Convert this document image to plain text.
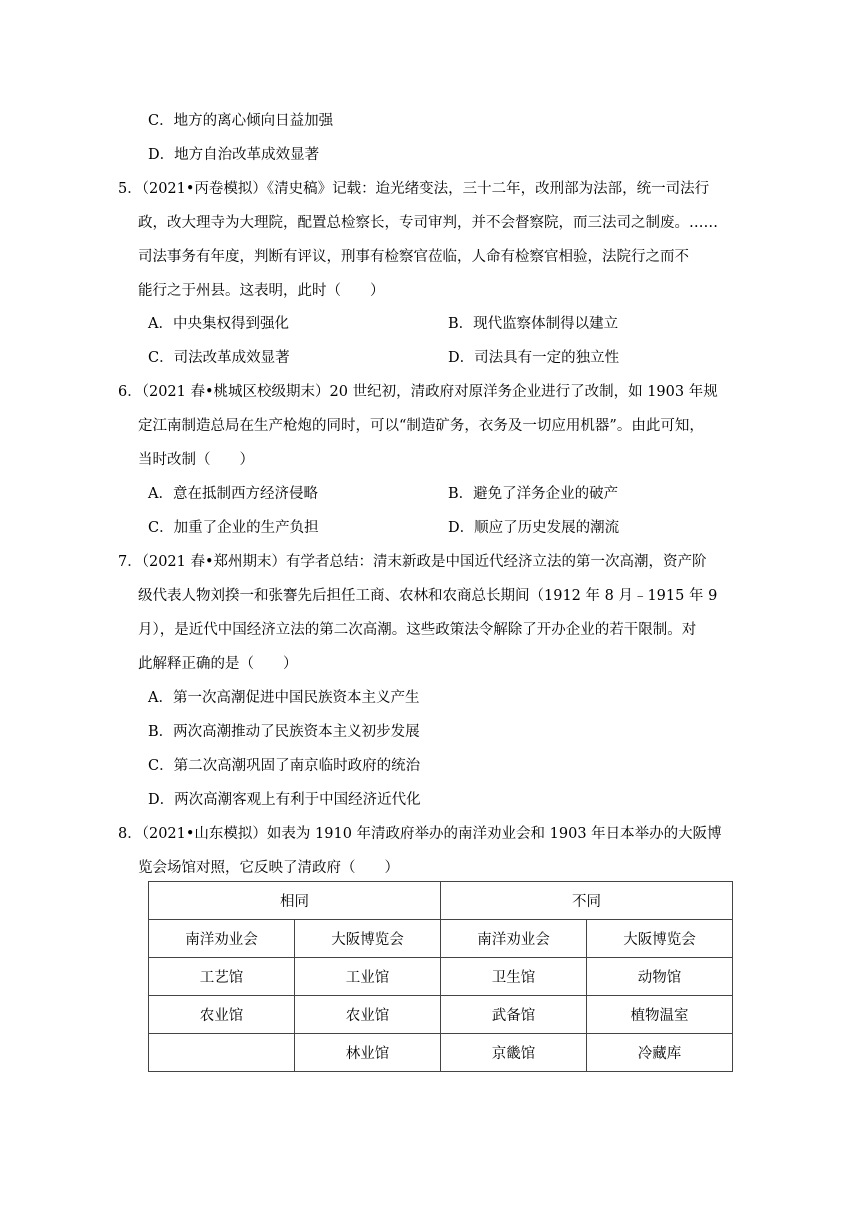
C．地方的离心倾向日益加强
D．地方自治改革成效显著
5．（2021•丙卷模拟）《清史稿》记载：迨光绪变法，三十二年，改刑部为法部，统一司法行
政，改大理寺为大理院，配置总检察长，专司审判，并不会督察院，而三法司之制废。……
司法事务有年度，判断有评议，刑事有检察官莅临，人命有检察官相验，法院行之而不
能行之于州县。这表明，此时（　　）
A．中央集权得到强化	B．现代监察体制得以建立
C．司法改革成效显著	D．司法具有一定的独立性
6．（2021 春•桃城区校级期末）20 世纪初，清政府对原洋务企业进行了改制，如 1903 年规
定江南制造总局在生产枪炮的同时，可以“制造矿务，衣务及一切应用机器”。由此可知，
当时改制（　　）
A．意在抵制西方经济侵略	B．避免了洋务企业的破产
C．加重了企业的生产负担	D．顺应了历史发展的潮流
7．（2021 春•郑州期末）有学者总结：清末新政是中国近代经济立法的第一次高潮，资产阶
级代表人物刘揆一和张謇先后担任工商、农林和农商总长期间（1912 年 8 月﹣1915 年 9
月），是近代中国经济立法的第二次高潮。这些政策法令解除了开办企业的若干限制。对
此解释正确的是（　　）
A．第一次高潮促进中国民族资本主义产生
B．两次高潮推动了民族资本主义初步发展
C．第二次高潮巩固了南京临时政府的统治
D．两次高潮客观上有利于中国经济近代化
8．（2021•山东模拟）如表为 1910 年清政府举办的南洋劝业会和 1903 年日本举办的大阪博
览会场馆对照，它反映了清政府（　　）
相同		不同	
南洋劝业会	大阪博览会	南洋劝业会	大阪博览会
工艺馆	工业馆	卫生馆	动物馆
农业馆	农业馆	武备馆	植物温室
	林业馆	京畿馆	冷藏库
